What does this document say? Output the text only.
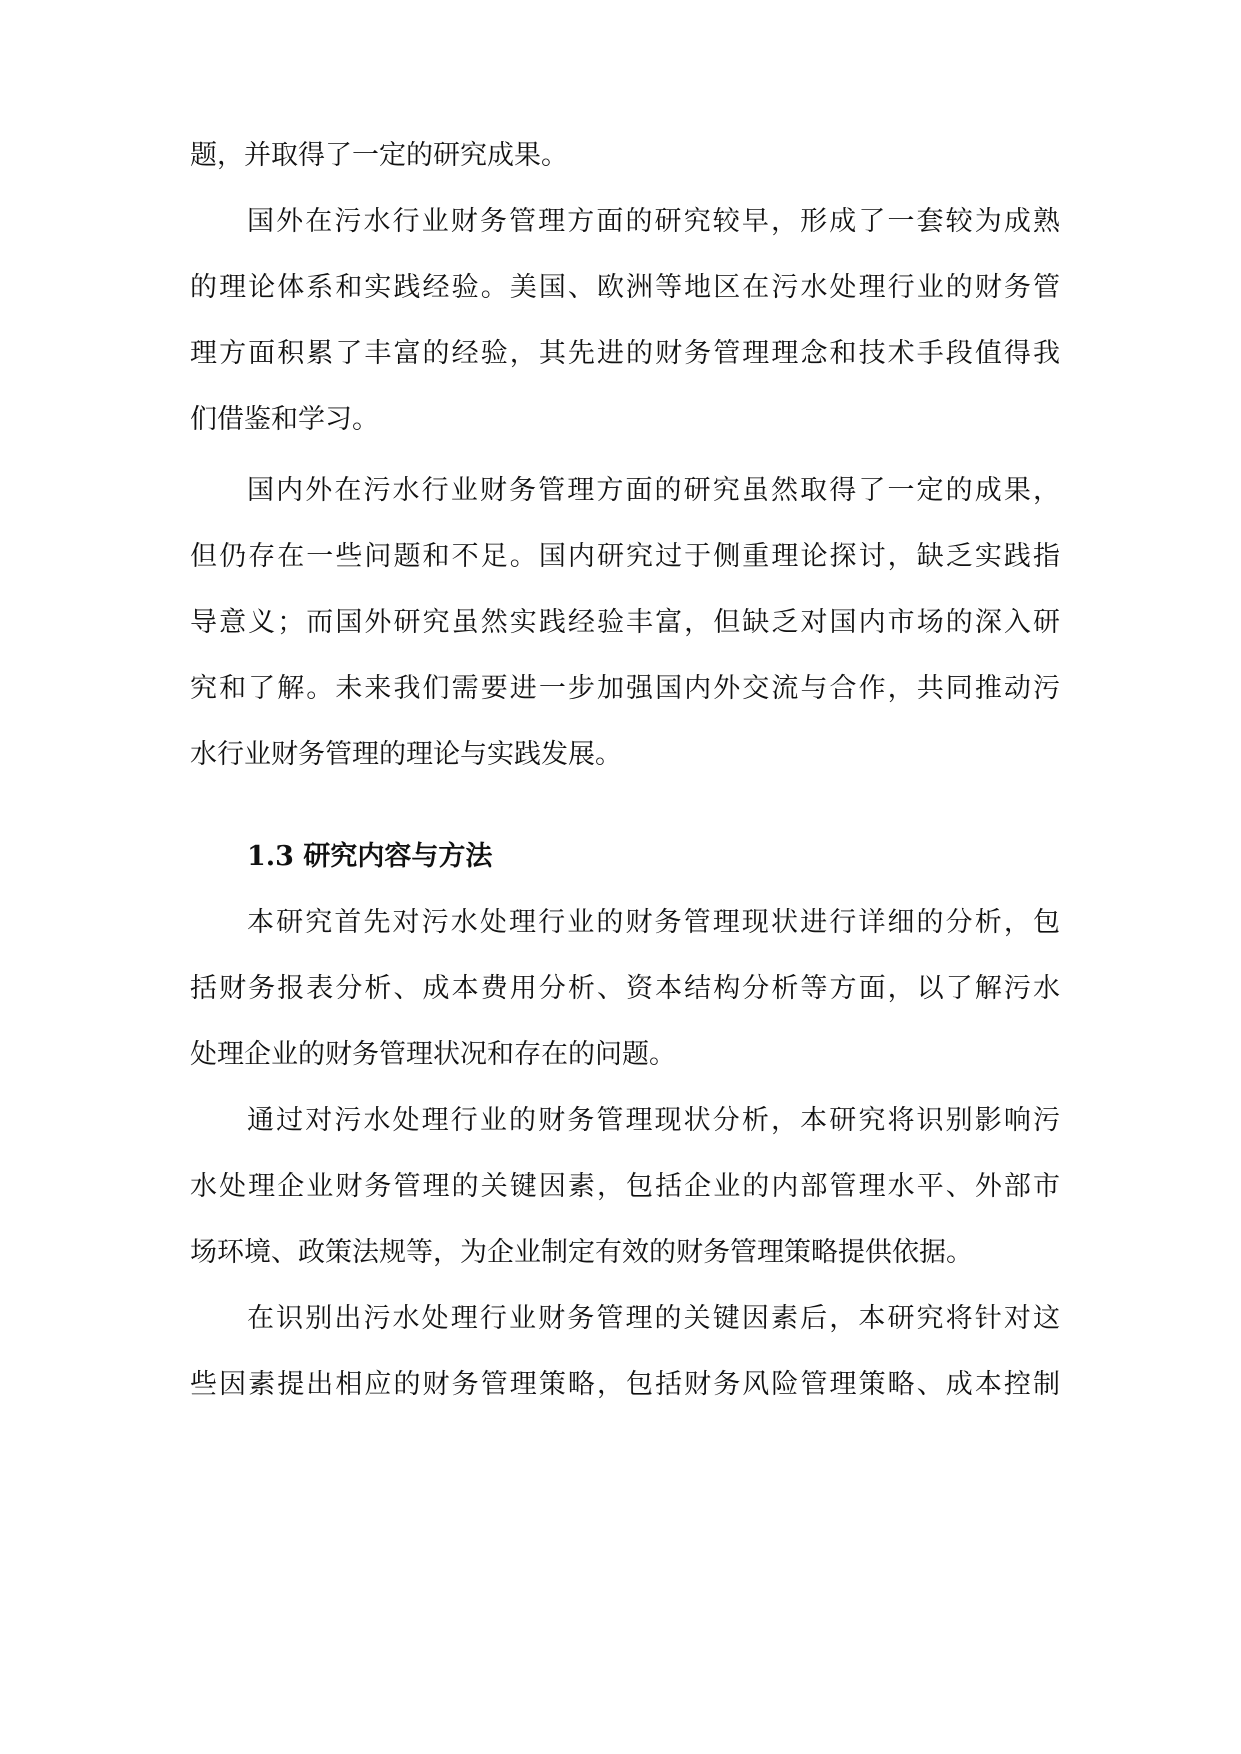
题，并取得了一定的研究成果。

国外在污水行业财务管理方面的研究较早，形成了一套较为成熟

的理论体系和实践经验。美国、欧洲等地区在污水处理行业的财务管

理方面积累了丰富的经验，其先进的财务管理理念和技术手段值得我

们借鉴和学习。

国内外在污水行业财务管理方面的研究虽然取得了一定的成果，

但仍存在一些问题和不足。国内研究过于侧重理论探讨，缺乏实践指

导意义；而国外研究虽然实践经验丰富，但缺乏对国内市场的深入研

究和了解。未来我们需要进一步加强国内外交流与合作，共同推动污

水行业财务管理的理论与实践发展。

1.3 研究内容与方法

本研究首先对污水处理行业的财务管理现状进行详细的分析，包

括财务报表分析、成本费用分析、资本结构分析等方面，以了解污水

处理企业的财务管理状况和存在的问题。

通过对污水处理行业的财务管理现状分析，本研究将识别影响污

水处理企业财务管理的关键因素，包括企业的内部管理水平、外部市

场环境、政策法规等，为企业制定有效的财务管理策略提供依据。

在识别出污水处理行业财务管理的关键因素后，本研究将针对这

些因素提出相应的财务管理策略，包括财务风险管理策略、成本控制
